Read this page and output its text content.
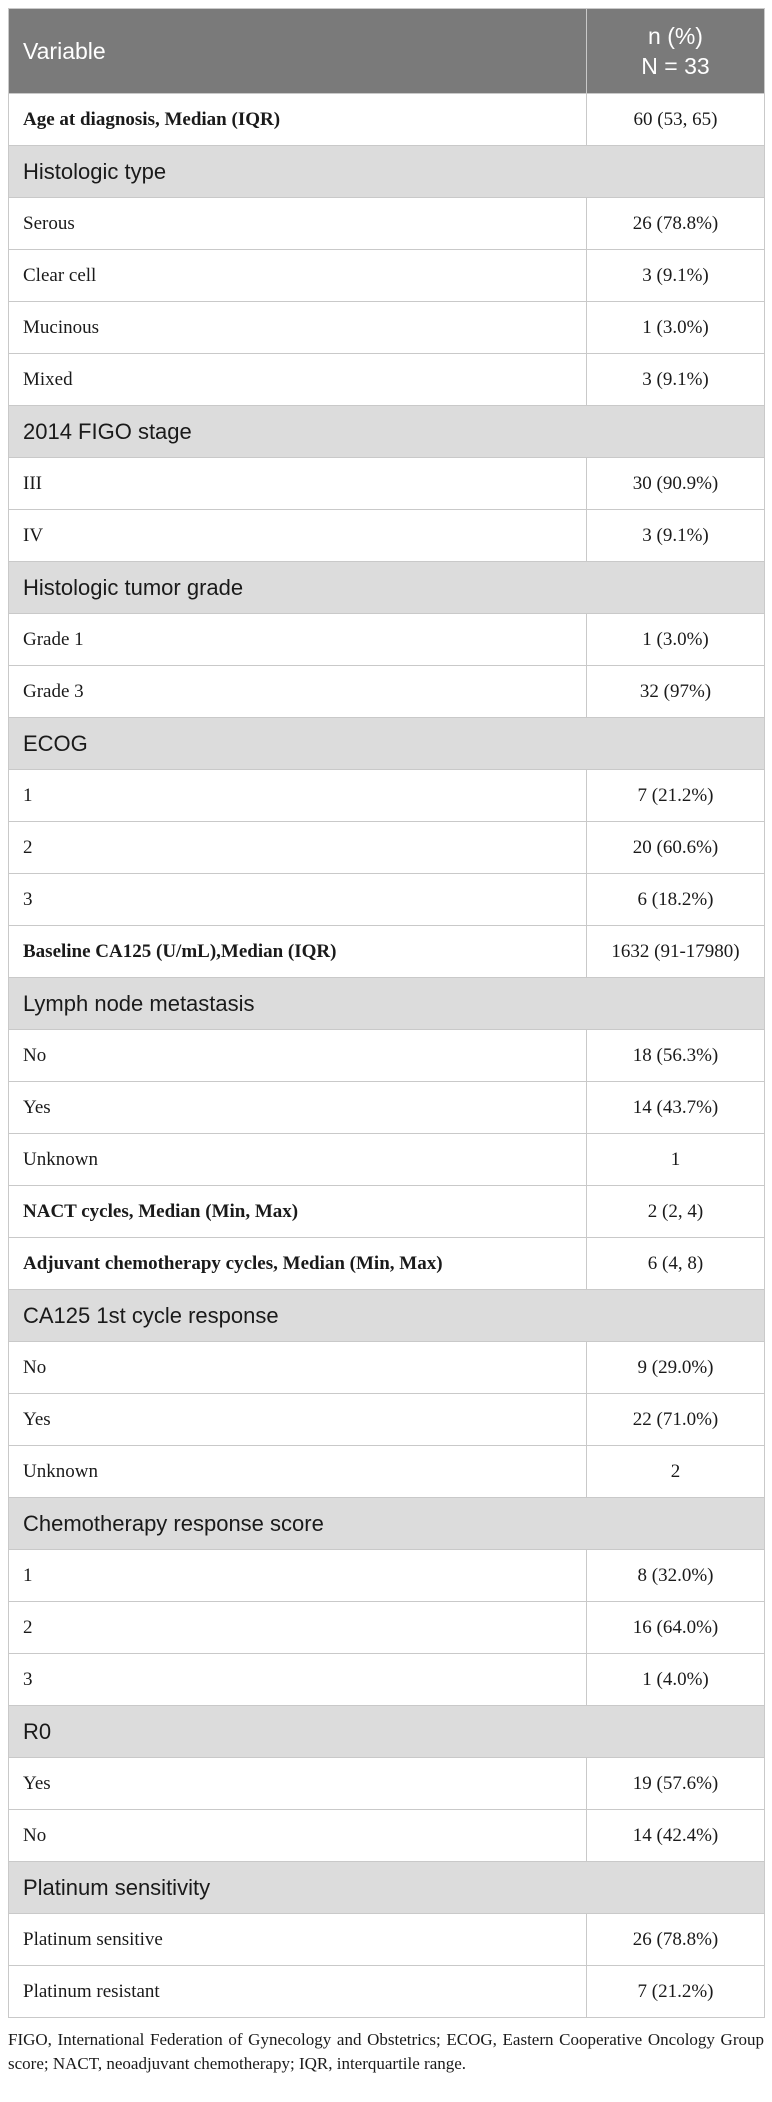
Variable	n (%)
N = 33

Age at diagnosis, Median (IQR)	60 (53, 65)
Histologic type	
Serous	26 (78.8%)
Clear cell	3 (9.1%)
Mucinous	1 (3.0%)
Mixed	3 (9.1%)
2014 FIGO stage	
III	30 (90.9%)
IV	3 (9.1%)
Histologic tumor grade	
Grade 1	1 (3.0%)
Grade 3	32 (97%)
ECOG	
1	7 (21.2%)
2	20 (60.6%)
3	6 (18.2%)
Baseline CA125 (U/mL),Median (IQR)	1632 (91-17980)
Lymph node metastasis	
No	18 (56.3%)
Yes	14 (43.7%)
Unknown	1
NACT cycles, Median (Min, Max)	2 (2, 4)
Adjuvant chemotherapy cycles, Median (Min, Max)	6 (4, 8)
CA125 1st cycle response	
No	9 (29.0%)
Yes	22 (71.0%)
Unknown	2
Chemotherapy response score	
1	8 (32.0%)
2	16 (64.0%)
3	1 (4.0%)
R0	
Yes	19 (57.6%)
No	14 (42.4%)
Platinum sensitivity	
Platinum sensitive	26 (78.8%)
Platinum resistant	7 (21.2%)
FIGO, International Federation of Gynecology and Obstetrics; ECOG, Eastern Cooperative Oncology Group score; NACT, neoadjuvant chemotherapy; IQR, interquartile range.
